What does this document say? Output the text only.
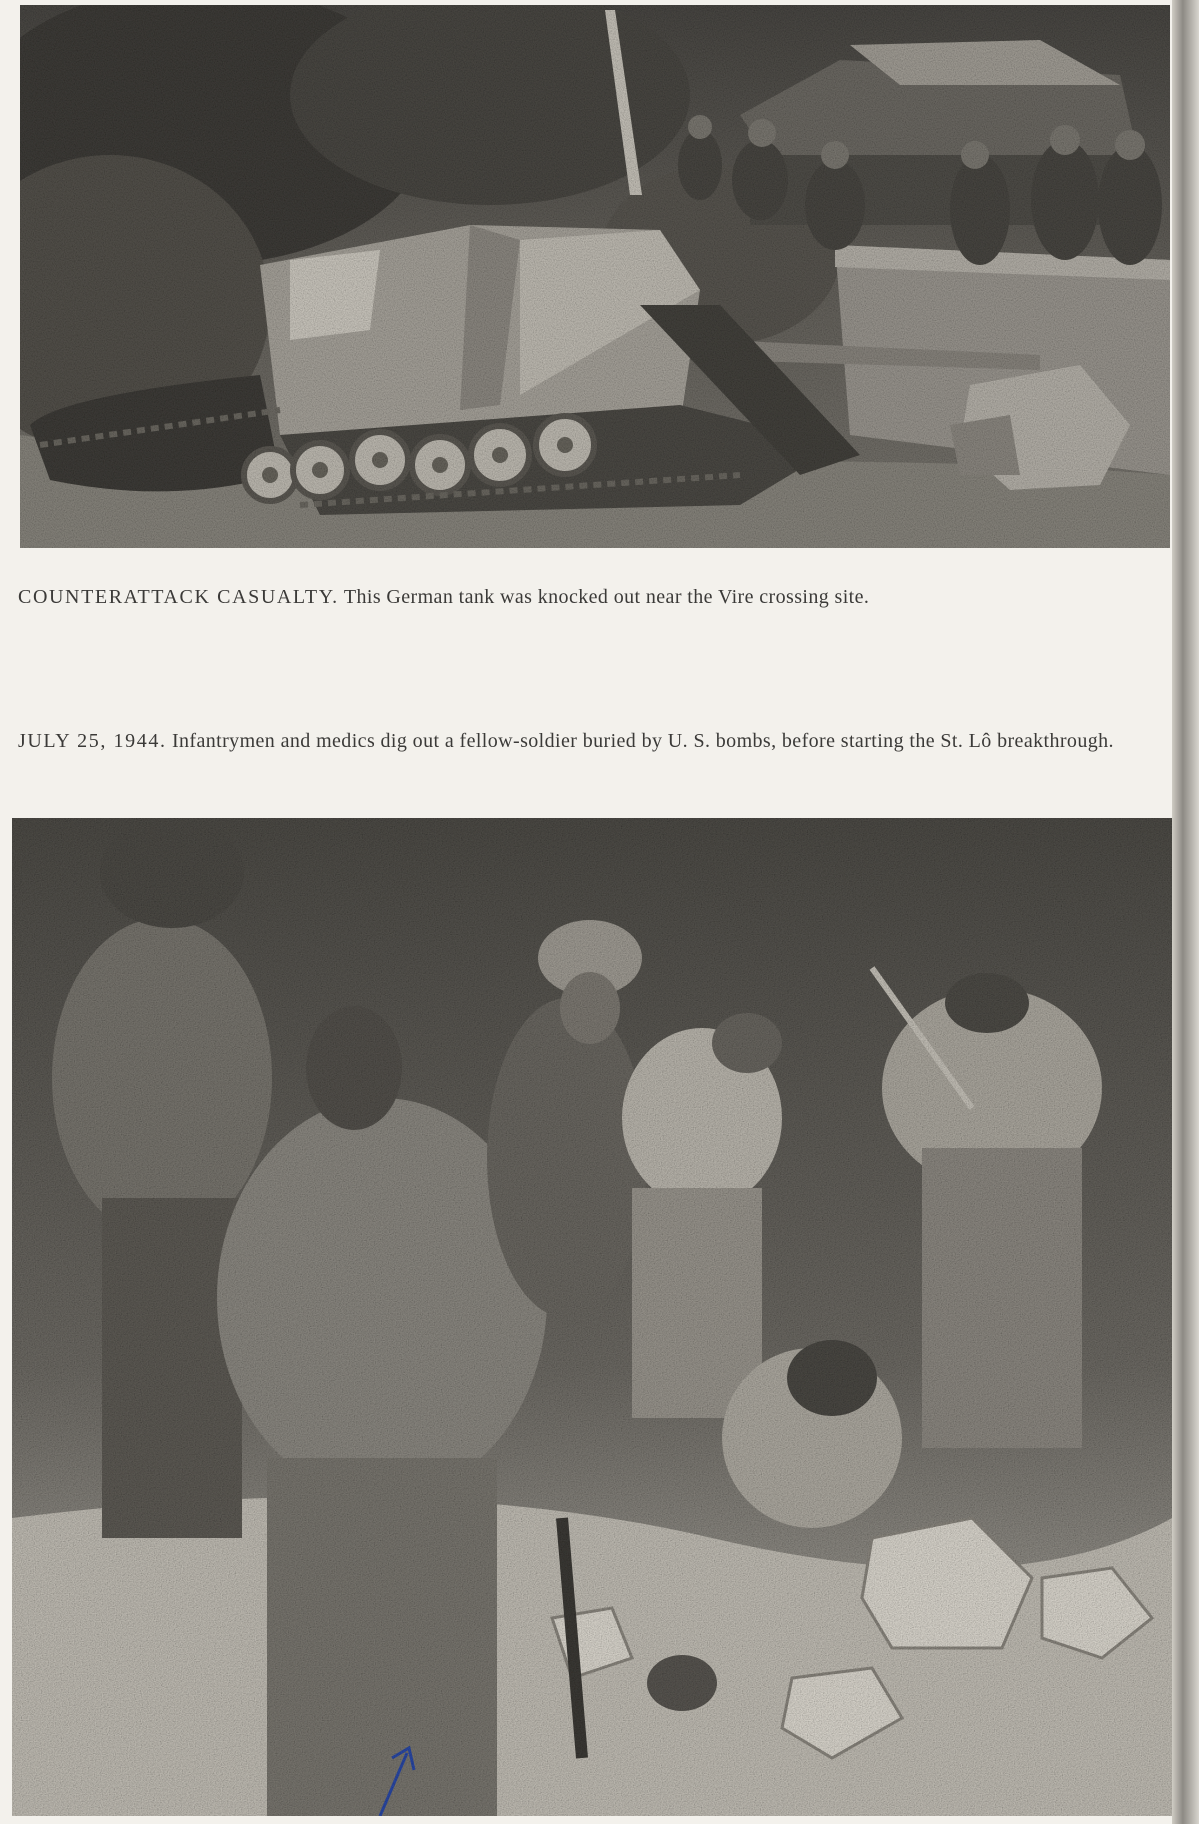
COUNTERATTACK CASUALTY. This German tank was knocked out near the Vire crossing site.
JULY 25, 1944. Infantrymen and medics dig out a fellow-soldier buried by U. S. bombs, before starting the St. Lô breakthrough.
